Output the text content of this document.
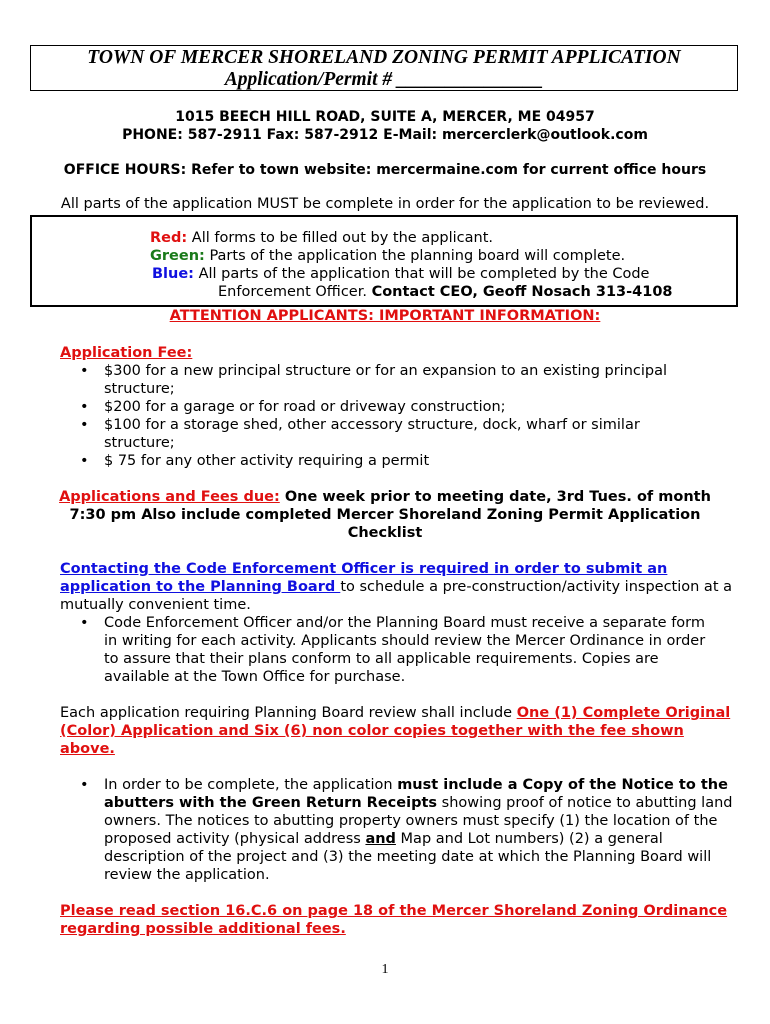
TOWN OF MERCER SHORELAND ZONING PERMIT APPLICATION
Application/Permit # _______________
1015 BEECH HILL ROAD, SUITE A, MERCER, ME 04957
PHONE: 587-2911 Fax: 587-2912 E-Mail: mercerclerk@outlook.com
OFFICE HOURS: Refer to town website: mercermaine.com for current office hours
All parts of the application MUST be complete in order for the application to be reviewed.
Red: All forms to be filled out by the applicant.
Green: Parts of the application the planning board will complete.
Blue: All parts of the application that will be completed by the Code
Enforcement Officer. Contact CEO, Geoff Nosach 313-4108
ATTENTION APPLICANTS: IMPORTANT INFORMATION:
Application Fee:
• $300 for a new principal structure or for an expansion to an existing principal structure;
• $200 for a garage or for road or driveway construction;
• $100 for a storage shed, other accessory structure, dock, wharf or similar structure;
• $ 75 for any other activity requiring a permit
Applications and Fees due: One week prior to meeting date, 3rd Tues. of month
7:30 pm Also include completed Mercer Shoreland Zoning Permit Application
Checklist
Contacting the Code Enforcement Officer is required in order to submit an application to the Planning Board to schedule a pre-construction/activity inspection at a mutually convenient time.
• Code Enforcement Officer and/or the Planning Board must receive a separate form in writing for each activity. Applicants should review the Mercer Ordinance in order to assure that their plans conform to all applicable requirements. Copies are available at the Town Office for purchase.
Each application requiring Planning Board review shall include One (1) Complete Original (Color) Application and Six (6) non color copies together with the fee shown above.
• In order to be complete, the application must include a Copy of the Notice to the abutters with the Green Return Receipts showing proof of notice to abutting land owners. The notices to abutting property owners must specify (1) the location of the proposed activity (physical address and Map and Lot numbers) (2) a general description of the project and (3) the meeting date at which the Planning Board will review the application.
Please read section 16.C.6 on page 18 of the Mercer Shoreland Zoning Ordinance regarding possible additional fees.
1
